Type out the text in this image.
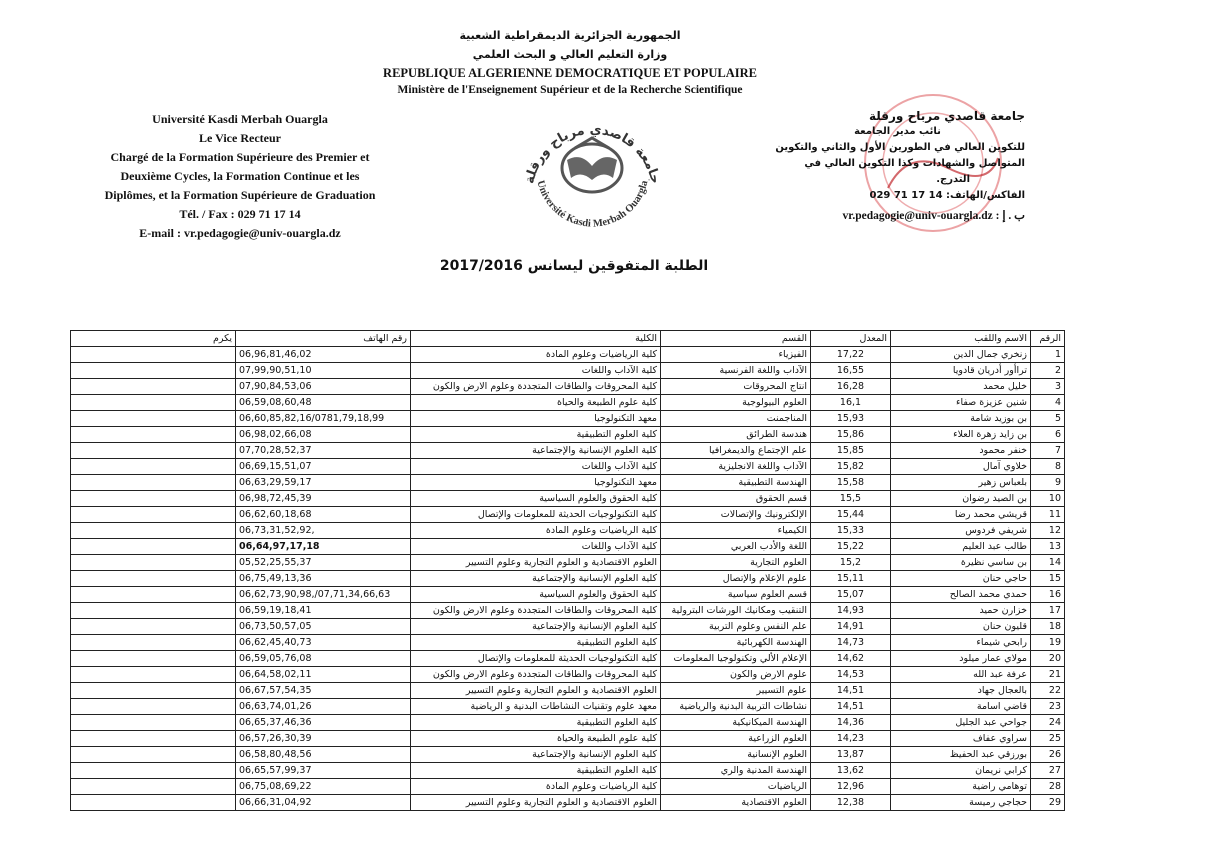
الجمهورية الجزائرية الديمقراطية الشعبية
وزارة التعليم العالي و البحث العلمي
REPUBLIQUE ALGERIENNE DEMOCRATIQUE ET POPULAIRE
Ministère de l'Enseignement Supérieur et de la Recherche Scientifique
Université Kasdi Merbah Ouargla
Le Vice Recteur
Chargé de la Formation Supérieure des Premier et
Deuxième Cycles, la Formation Continue et les
Diplômes, et la Formation Supérieure de Graduation
Tél. / Fax : 029 71 17 14
E-mail : vr.pedagogie@univ-ouargla.dz
جامعة قاصدي مرباح ورقلة
Université Kasdi Merbah Ouargla
جامعة قاصدي مرباح ورقلة
نائب مدير الجامعة
للتكوين العالي في الطورين الأول والثاني والتكوين
المتواصل والشهادات وكذا التكوين العالي في
التدرج.
الفاكس/الهاتف: 14 17 71 029
vr.pedagogie@univ-ouargla.dz : ب . إ
الطلبة المتفوقين ليسانس 2017/2016
الرقم	الاسم واللقب	المعدل	القسم	الكلية	رقم الهاتف	يكرم
1	زنخري جمال الدين	17,22	الفيزياء	كلية الرياضيات وعلوم المادة	06,96,81,46,02	
2	تراأور أدريان قادويا	16,55	الآداب واللغة الفرنسية	كلية الآداب واللغات	07,99,90,51,10	
3	خليل محمد	16,28	انتاج المحروقات	كلية المحروقات والطاقات المتجددة وعلوم الارض والكون	07,90,84,53,06	
4	شنين عزيزة صفاء	16,1	العلوم البيولوجية	كلية علوم الطبيعة والحياة	06,59,08,60,48	
5	بن بوزيد شامة	15,93	المناجمنت	معهد التكنولوجيا	06,60,85,82,16/0781,79,18,99	
6	بن زايد زهرة العلاء	15,86	هندسة الطرائق	كلية العلوم التطبيقية	06,98,02,66,08	
7	خنفر محمود	15,85	علم الإجتماع والديمغرافيا	كلية العلوم الإنسانية والإجتماعية	07,70,28,52,37	
8	خلاوي آمال	15,82	الآداب واللغة الانجليزية	كلية الآداب واللغات	06,69,15,51,07	
9	بلعباس زهير	15,58	الهندسة التطبيقية	معهد التكنولوجيا	06,63,29,59,17	
10	بن الصيد رضوان	15,5	قسم الحقوق	كلية الحقوق والعلوم السياسية	06,98,72,45,39	
11	قريشي محمد رضا	15,44	الإلكترونيك والإتصالات	كلية التكنولوجيات الحديثة للمعلومات والإتصال	06,62,60,18,68	
12	شريفي فردوس	15,33	الكيمياء	كلية الرياضيات وعلوم المادة	06,73,31,52,92,	
13	طالب عبد العليم	15,22	اللغة والأدب العربي	كلية الآداب واللغات	06,64,97,17,18	
14	بن ساسي نظيرة	15,2	العلوم التجارية	العلوم الاقتصادية و العلوم التجارية وعلوم التسيير	05,52,25,55,37	
15	حاجي حنان	15,11	علوم الإعلام والإتصال	كلية العلوم الإنسانية والإجتماعية	06,75,49,13,36	
16	حمدي محمد الصالح	15,07	قسم العلوم سياسية	كلية الحقوق والعلوم السياسية	06,62,73,90,98,/07,71,34,66,63	
17	خزارن حميد	14,93	التنقيب ومكانيك الورشات البترولية	كلية المحروقات والطاقات المتجددة وعلوم الارض والكون	06,59,19,18,41	
18	قليون حنان	14,91	علم النفس وعلوم التربية	كلية العلوم الإنسانية والإجتماعية	06,73,50,57,05	
19	رابحي شيماء	14,73	الهندسة الكهربائية	كلية العلوم التطبيقية	06,62,45,40,73	
20	مولاي عمار ميلود	14,62	الإعلام الألي وتكنولوجيا المعلومات	كلية التكنولوجيات الحديثة للمعلومات والإتصال	06,59,05,76,08	
21	عرفة عبد الله	14,53	علوم الارض والكون	كلية المحروقات والطاقات المتجددة وعلوم الارض والكون	06,64,58,02,11	
22	بالعجال جهاد	14,51	علوم التسيير	العلوم الاقتصادية و العلوم التجارية وعلوم التسيير	06,67,57,54,35	
23	قاضي اسامة	14,51	نشاطات التربية البدنية والرياضية	معهد علوم وتقنيات النشاطات البدنية و الرياضية	06,63,74,01,26	
24	جواحي عبد الجليل	14,36	الهندسة الميكانيكية	كلية العلوم التطبيقية	06,65,37,46,36	
25	سراوي عفاف	14,23	العلوم الزراعية	كلية علوم الطبيعة والحياة	06,57,26,30,39	
26	بورزقي عبد الحفيظ	13,87	العلوم الإنسانية	كلية العلوم الإنسانية والإجتماعية	06,58,80,48,56	
27	كرابي نريمان	13,62	الهندسة المدنية والري	كلية العلوم التطبيقية	06,65,57,99,37	
28	توهامي راضية	12,96	الرياضيات	كلية الرياضيات وعلوم المادة	06,75,08,69,22	
29	حجاجي رميسة	12,38	العلوم الاقتصادية	العلوم الاقتصادية و العلوم التجارية وعلوم التسيير	06,66,31,04,92	
